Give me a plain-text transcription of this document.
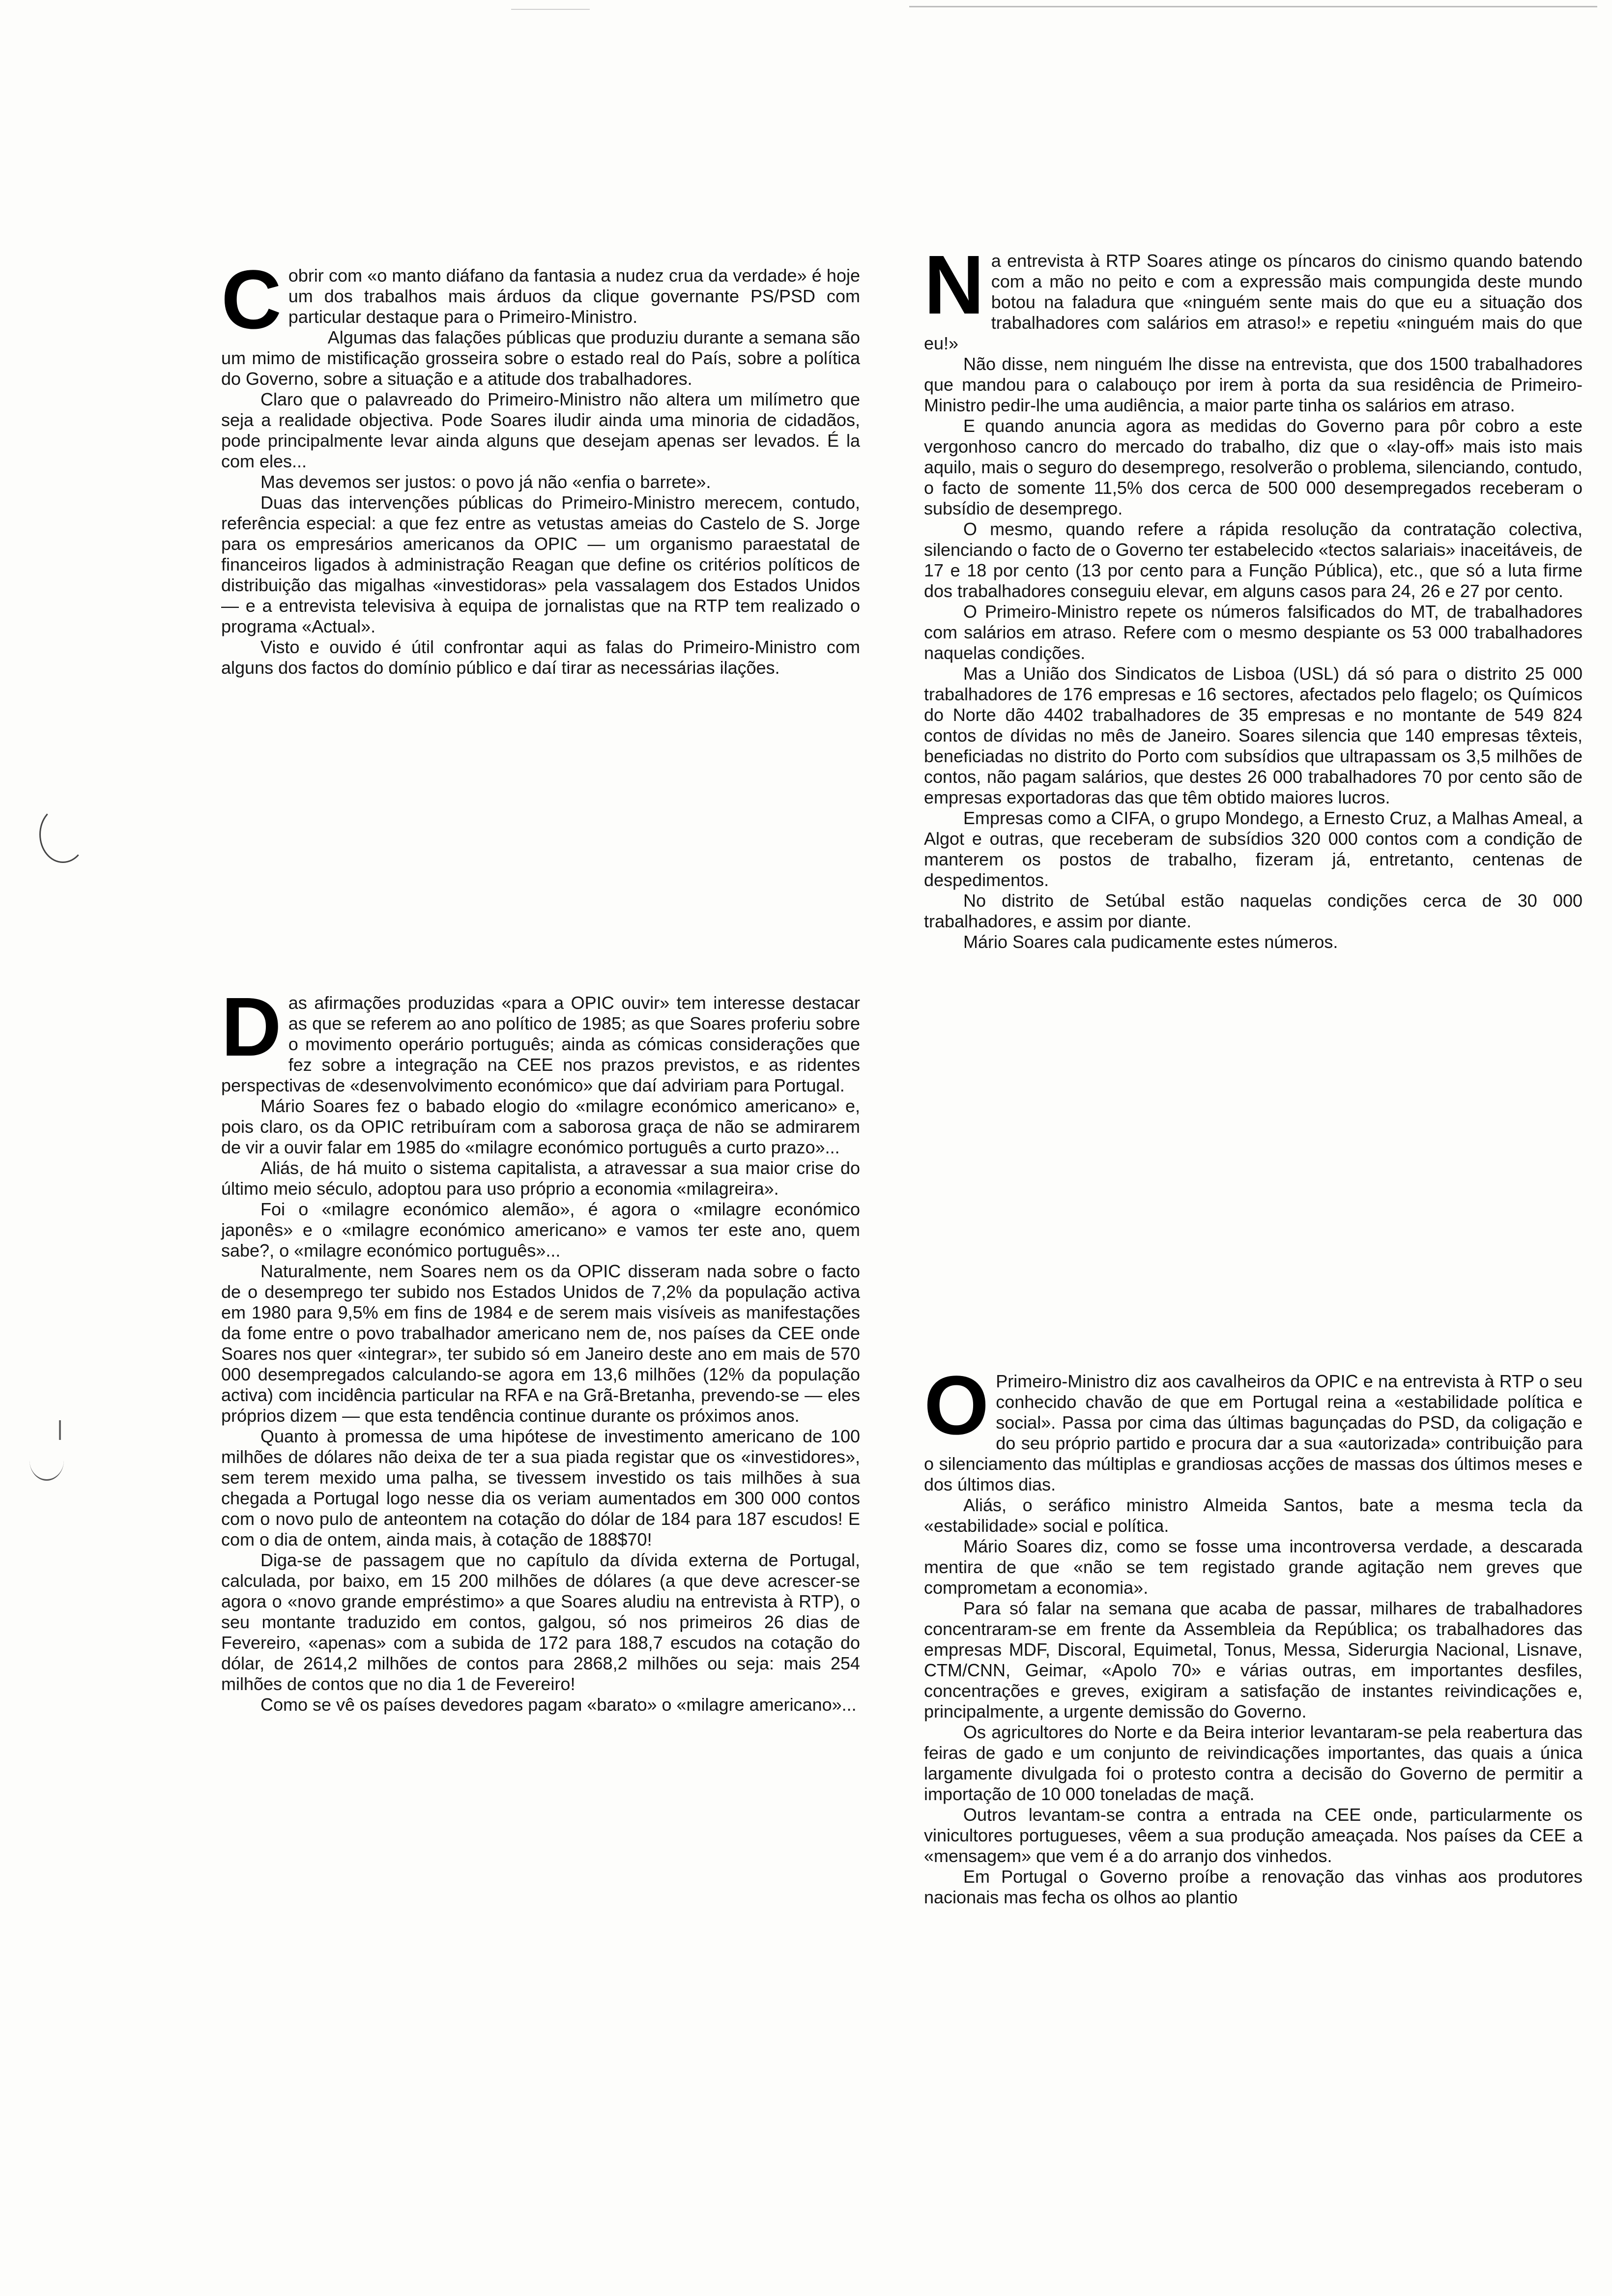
C obrir com «o manto diáfano da fantasia a nudez crua da verdade» é hoje um dos trabalhos mais árduos da clique governante PS/PSD com particular destaque para o Primeiro-Ministro.

Algumas das falações públicas que produziu durante a semana são um mimo de mistificação grosseira sobre o estado real do País, sobre a política do Governo, sobre a situação e a atitude dos trabalhadores.

Claro que o palavreado do Primeiro-Ministro não altera um milímetro que seja a realidade objectiva. Pode Soares iludir ainda uma minoria de cidadãos, pode principalmente levar ainda alguns que desejam apenas ser levados. É la com eles...

Mas devemos ser justos: o povo já não «enfia o barrete».

Duas das intervenções públicas do Primeiro-Ministro merecem, contudo, referência especial: a que fez entre as vetustas ameias do Castelo de S. Jorge para os empresários americanos da OPIC — um organismo paraestatal de financeiros ligados à administração Reagan que define os critérios políticos de distribuição das migalhas «investidoras» pela vassalagem dos Estados Unidos — e a entrevista televisiva à equipa de jornalistas que na RTP tem realizado o programa «Actual».

Visto e ouvido é útil confrontar aqui as falas do Primeiro-Ministro com alguns dos factos do domínio público e daí tirar as necessárias ilações.

D as afirmações produzidas «para a OPIC ouvir» tem interesse destacar as que se referem ao ano político de 1985; as que Soares proferiu sobre o movimento operário português; ainda as cómicas considerações que fez sobre a integração na CEE nos prazos previstos, e as ridentes perspectivas de «desenvolvimento económico» que daí adviriam para Portugal.

Mário Soares fez o babado elogio do «milagre económico americano» e, pois claro, os da OPIC retribuíram com a saborosa graça de não se admirarem de vir a ouvir falar em 1985 do «milagre económico português a curto prazo»...

Aliás, de há muito o sistema capitalista, a atravessar a sua maior crise do último meio século, adoptou para uso próprio a economia «milagreira».

Foi o «milagre económico alemão», é agora o «milagre económico japonês» e o «milagre económico americano» e vamos ter este ano, quem sabe?, o «milagre económico português»...

Naturalmente, nem Soares nem os da OPIC disseram nada sobre o facto de o desemprego ter subido nos Estados Unidos de 7,2% da população activa em 1980 para 9,5% em fins de 1984 e de serem mais visíveis as manifestações da fome entre o povo trabalhador americano nem de, nos países da CEE onde Soares nos quer «integrar», ter subido só em Janeiro deste ano em mais de 570 000 desempregados calculando-se agora em 13,6 milhões (12% da população activa) com incidência particular na RFA e na Grã-Bretanha, prevendo-se — eles próprios dizem — que esta tendência continue durante os próximos anos.

Quanto à promessa de uma hipótese de investimento americano de 100 milhões de dólares não deixa de ter a sua piada registar que os «investidores», sem terem mexido uma palha, se tivessem investido os tais milhões à sua chegada a Portugal logo nesse dia os veriam aumentados em 300 000 contos com o novo pulo de anteontem na cotação do dólar de 184 para 187 escudos! E com o dia de ontem, ainda mais, à cotação de 188$70!

Diga-se de passagem que no capítulo da dívida externa de Portugal, calculada, por baixo, em 15 200 milhões de dólares (a que deve acrescer-se agora o «novo grande empréstimo» a que Soares aludiu na entrevista à RTP), o seu montante traduzido em contos, galgou, só nos primeiros 26 dias de Fevereiro, «apenas» com a subida de 172 para 188,7 escudos na cotação do dólar, de 2614,2 milhões de contos para 2868,2 milhões ou seja: mais 254 milhões de contos que no dia 1 de Fevereiro!

Como se vê os países devedores pagam «barato» o «milagre americano»...

N a entrevista à RTP Soares atinge os píncaros do cinismo quando batendo com a mão no peito e com a expressão mais compungida deste mundo botou na faladura que «ninguém sente mais do que eu a situação dos trabalhadores com salários em atraso!» e repetiu «ninguém mais do que eu!»

Não disse, nem ninguém lhe disse na entrevista, que dos 1500 trabalhadores que mandou para o calabouço por irem à porta da sua residência de Primeiro-Ministro pedir-lhe uma audiência, a maior parte tinha os salários em atraso.

E quando anuncia agora as medidas do Governo para pôr cobro a este vergonhoso cancro do mercado do trabalho, diz que o «lay-off» mais isto mais aquilo, mais o seguro do desemprego, resolverão o problema, silenciando, contudo, o facto de somente 11,5% dos cerca de 500 000 desempregados receberam o subsídio de desemprego.

O mesmo, quando refere a rápida resolução da contratação colectiva, silenciando o facto de o Governo ter estabelecido «tectos salariais» inaceitáveis, de 17 e 18 por cento (13 por cento para a Função Pública), etc., que só a luta firme dos trabalhadores conseguiu elevar, em alguns casos para 24, 26 e 27 por cento.

O Primeiro-Ministro repete os números falsificados do MT, de trabalhadores com salários em atraso. Refere com o mesmo despiante os 53 000 trabalhadores naquelas condições.

Mas a União dos Sindicatos de Lisboa (USL) dá só para o distrito 25 000 trabalhadores de 176 empresas e 16 sectores, afectados pelo flagelo; os Químicos do Norte dão 4402 trabalhadores de 35 empresas e no montante de 549 824 contos de dívidas no mês de Janeiro. Soares silencia que 140 empresas têxteis, beneficiadas no distrito do Porto com subsídios que ultrapassam os 3,5 milhões de contos, não pagam salários, que destes 26 000 trabalhadores 70 por cento são de empresas exportadoras das que têm obtido maiores lucros.

Empresas como a CIFA, o grupo Mondego, a Ernesto Cruz, a Malhas Ameal, a Algot e outras, que receberam de subsídios 320 000 contos com a condição de manterem os postos de trabalho, fizeram já, entretanto, centenas de despedimentos.

No distrito de Setúbal estão naquelas condições cerca de 30 000 trabalhadores, e assim por diante.

Mário Soares cala pudicamente estes números.

O Primeiro-Ministro diz aos cavalheiros da OPIC e na entrevista à RTP o seu conhecido chavão de que em Portugal reina a «estabilidade política e social». Passa por cima das últimas bagunçadas do PSD, da coligação e do seu próprio partido e procura dar a sua «autorizada» contribuição para o silenciamento das múltiplas e grandiosas acções de massas dos últimos meses e dos últimos dias.

Aliás, o seráfico ministro Almeida Santos, bate a mesma tecla da «estabilidade» social e política.

Mário Soares diz, como se fosse uma incontroversa verdade, a descarada mentira de que «não se tem registado grande agitação nem greves que comprometam a economia».

Para só falar na semana que acaba de passar, milhares de trabalhadores concentraram-se em frente da Assembleia da República; os trabalhadores das empresas MDF, Discoral, Equimetal, Tonus, Messa, Siderurgia Nacional, Lisnave, CTM/CNN, Geimar, «Apolo 70» e várias outras, em importantes desfiles, concentrações e greves, exigiram a satisfação de instantes reivindicações e, principalmente, a urgente demissão do Governo.

Os agricultores do Norte e da Beira interior levantaram-se pela reabertura das feiras de gado e um conjunto de reivindicações importantes, das quais a única largamente divulgada foi o protesto contra a decisão do Governo de permitir a importação de 10 000 toneladas de maçã.

Outros levantam-se contra a entrada na CEE onde, particularmente os vinicultores portugueses, vêem a sua produção ameaçada. Nos países da CEE a «mensagem» que vem é a do arranjo dos vinhedos.

Em Portugal o Governo proíbe a renovação das vinhas aos produtores nacionais mas fecha os olhos ao plantio
